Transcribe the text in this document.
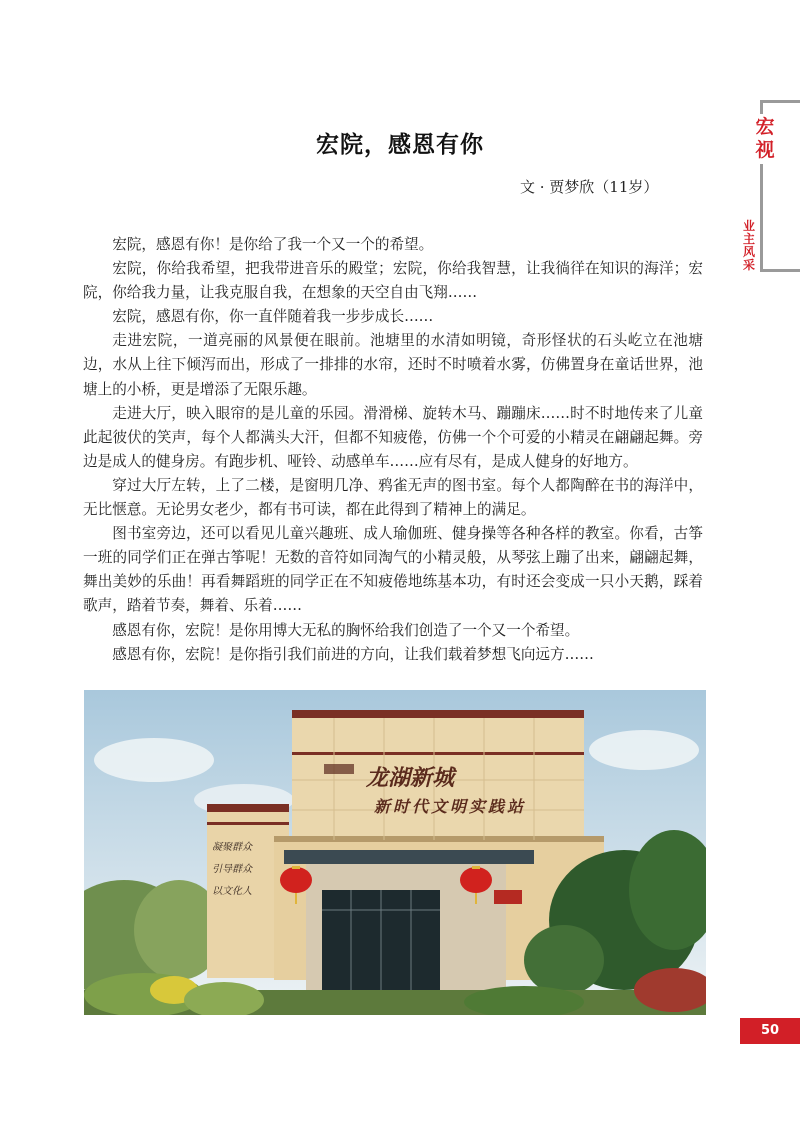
宏
视
业
主
风
采
宏院，感恩有你
文 · 贾梦欣（11岁）

宏院，感恩有你！是你给了我一个又一个的希望。

宏院，你给我希望，把我带进音乐的殿堂；宏院，你给我智慧，让我徜徉在知识的海洋；宏院，你给我力量，让我克服自我，在想象的天空自由飞翔……

宏院，感恩有你，你一直伴随着我一步步成长……

走进宏院，一道亮丽的风景便在眼前。池塘里的水清如明镜，奇形怪状的石头屹立在池塘边，水从上往下倾泻而出，形成了一排排的水帘，还时不时喷着水雾，仿佛置身在童话世界，池塘上的小桥，更是增添了无限乐趣。

走进大厅，映入眼帘的是儿童的乐园。滑滑梯、旋转木马、蹦蹦床……时不时地传来了儿童此起彼伏的笑声，每个人都满头大汗，但都不知疲倦，仿佛一个个可爱的小精灵在翩翩起舞。旁边是成人的健身房。有跑步机、哑铃、动感单车……应有尽有，是成人健身的好地方。

穿过大厅左转，上了二楼，是窗明几净、鸦雀无声的图书室。每个人都陶醉在书的海洋中，无比惬意。无论男女老少，都有书可读，都在此得到了精神上的满足。

图书室旁边，还可以看见儿童兴趣班、成人瑜伽班、健身操等各种各样的教室。你看，古筝一班的同学们正在弹古筝呢！无数的音符如同淘气的小精灵般，从琴弦上蹦了出来，翩翩起舞，舞出美妙的乐曲！再看舞蹈班的同学正在不知疲倦地练基本功，有时还会变成一只小天鹅，踩着歌声，踏着节奏，舞着、乐着……

感恩有你，宏院！是你用博大无私的胸怀给我们创造了一个又一个希望。

感恩有你，宏院！是你指引我们前进的方向，让我们载着梦想飞向远方……

龙湖新城
新时代文明实践站
凝聚群众
引导群众
以文化人
50
